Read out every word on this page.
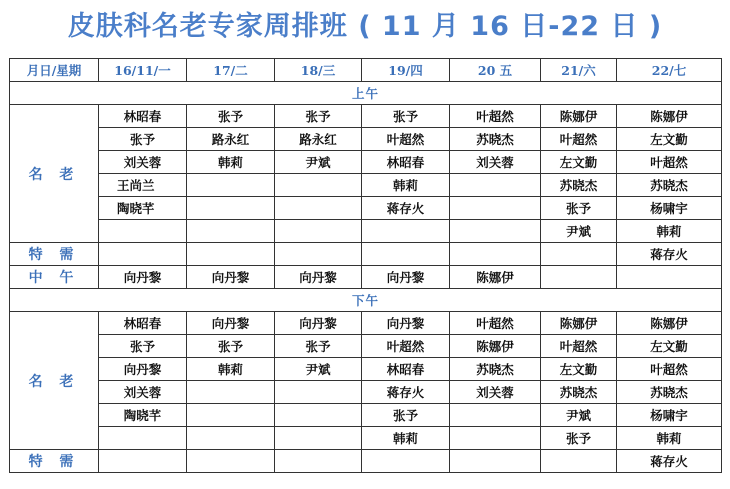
皮肤科名老专家周排班 ( 11 月 16 日-22 日 )
月日/星期	16/11/一	17/二	18/三	19/四	20 五	21/六	22/七
上午							
名 老	林昭春	张予	张予	张予	叶超然	陈娜伊	陈娜伊
	张予	路永红	路永红	叶超然	苏晓杰	叶超然	左文勤
	刘关蓉	韩莉	尹斌	林昭春	刘关蓉	左文勤	叶超然
	王尚兰			韩莉		苏晓杰	苏晓杰
	陶晓芊			蒋存火		张予	杨啸宇
						尹斌	韩莉
特 需							蒋存火
中 午	向丹黎	向丹黎	向丹黎	向丹黎	陈娜伊		
下午							
名 老	林昭春	向丹黎	向丹黎	向丹黎	叶超然	陈娜伊	陈娜伊
	张予	张予	张予	叶超然	陈娜伊	叶超然	左文勤
	向丹黎	韩莉	尹斌	林昭春	苏晓杰	左文勤	叶超然
	刘关蓉			蒋存火	刘关蓉	苏晓杰	苏晓杰
	陶晓芊			张予		尹斌	杨啸宇
				韩莉		张予	韩莉
特 需							蒋存火
